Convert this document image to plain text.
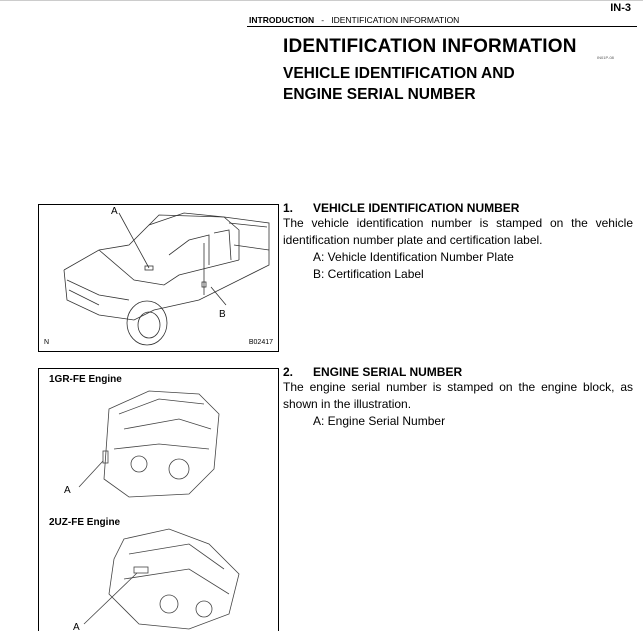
IN-3
INTRODUCTION - IDENTIFICATION INFORMATION
IDENTIFICATION INFORMATION
IN01P-08
VEHICLE IDENTIFICATION AND
ENGINE SERIAL NUMBER
A
B
N	B02417
1. VEHICLE IDENTIFICATION NUMBER
The vehicle identification number is stamped on the vehicle identification number plate and certification label.
A: Vehicle Identification Number Plate
B: Certification Label
1GR-FE Engine
2UZ-FE Engine
A
A
2. ENGINE SERIAL NUMBER
The engine serial number is stamped on the engine block, as shown in the illustration.
A: Engine Serial Number
